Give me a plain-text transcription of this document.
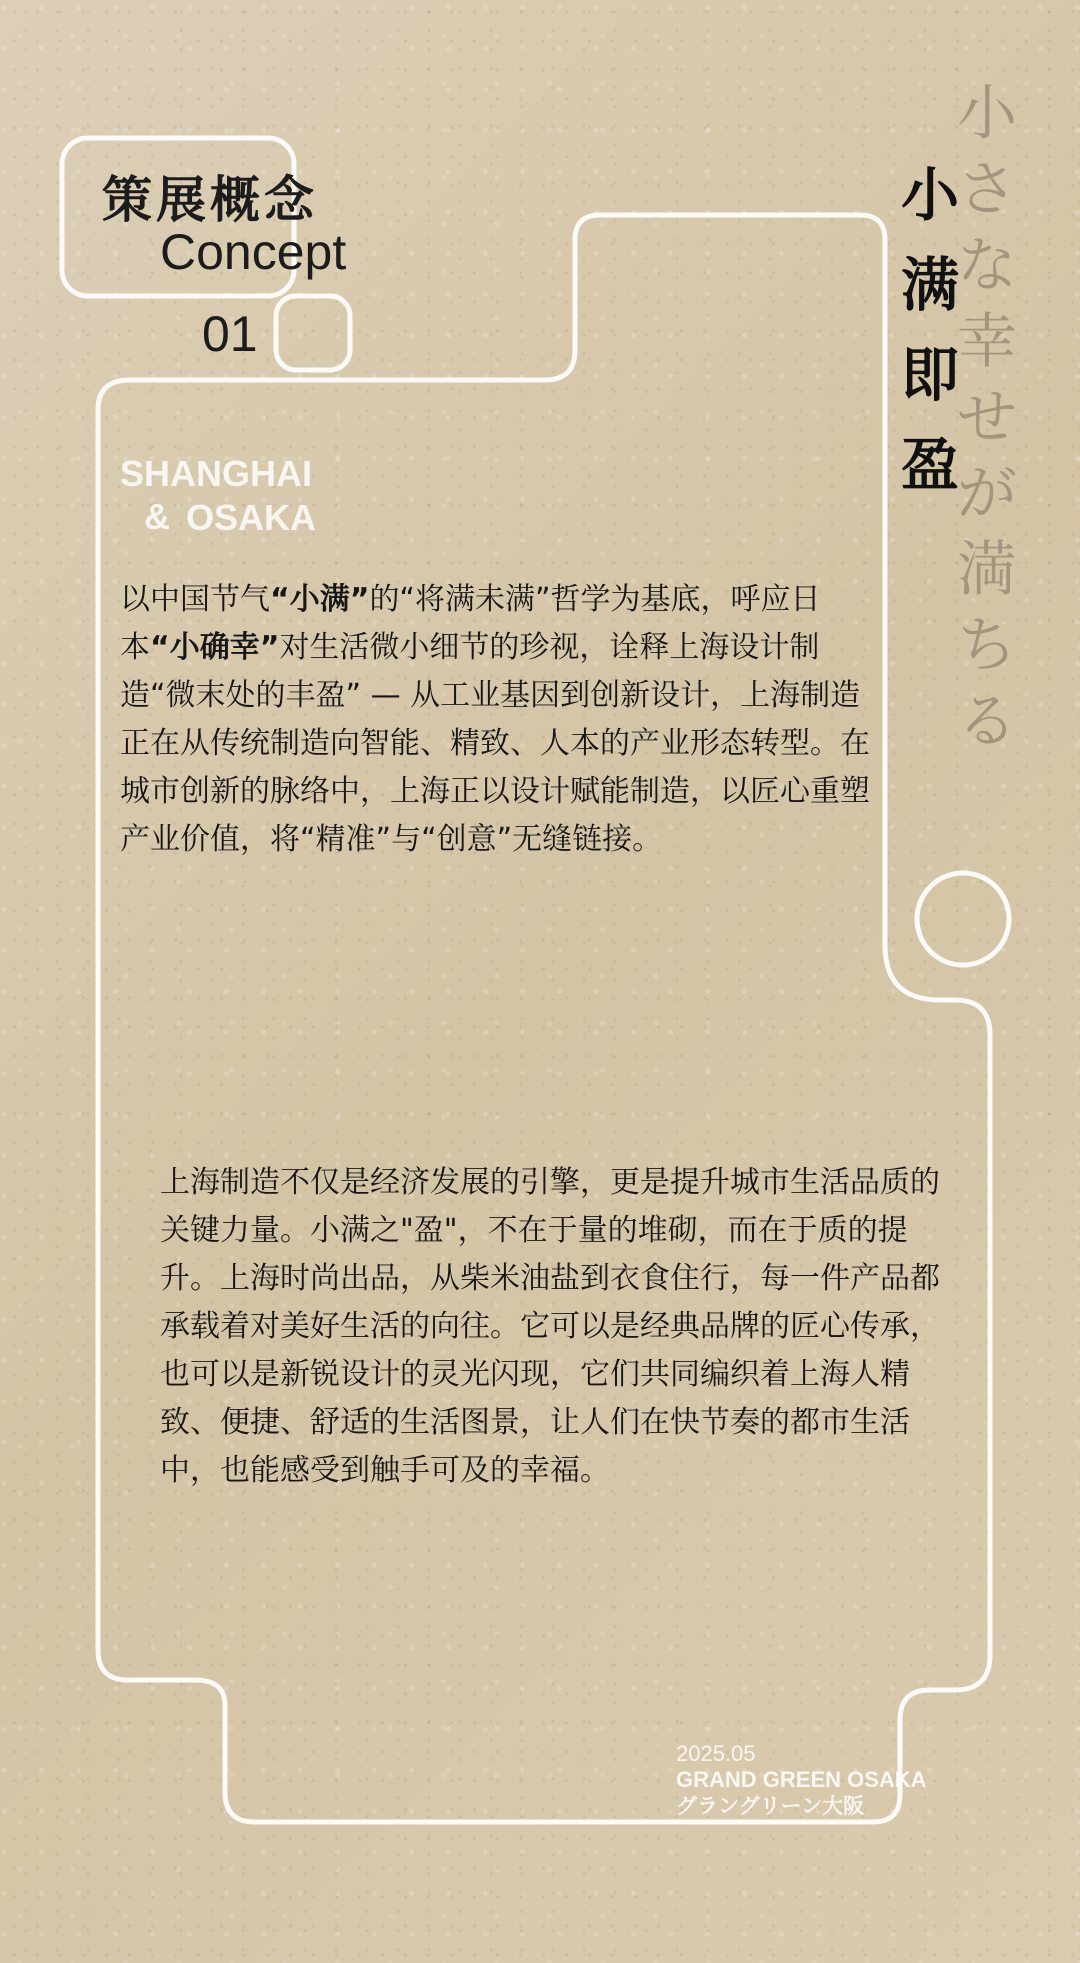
策展概念
Concept
01
SHANGHAI
& OSAKA
小さな幸せが満ちる
小满即盈

以中国节气“小满”的“将满未满”哲学为基底，呼应日本“小确幸”对生活微小细节的珍视，诠释上海设计制造“微末处的丰盈” — 从工业基因到创新设计，上海制造正在从传统制造向智能、精致、人本的产业形态转型。在城市创新的脉络中，上海正以设计赋能制造，以匠心重塑产业价值，将“精准”与“创意”无缝链接。

上海制造不仅是经济发展的引擎，更是提升城市生活品质的关键力量。小满之"盈"，不在于量的堆砌，而在于质的提升。上海时尚出品，从柴米油盐到衣食住行，每一件产品都承载着对美好生活的向往。它可以是经典品牌的匠心传承，也可以是新锐设计的灵光闪现，它们共同编织着上海人精致、便捷、舒适的生活图景，让人们在快节奏的都市生活中，也能感受到触手可及的幸福。

2025.05
GRAND GREEN OSAKA
グラングリーン大阪
